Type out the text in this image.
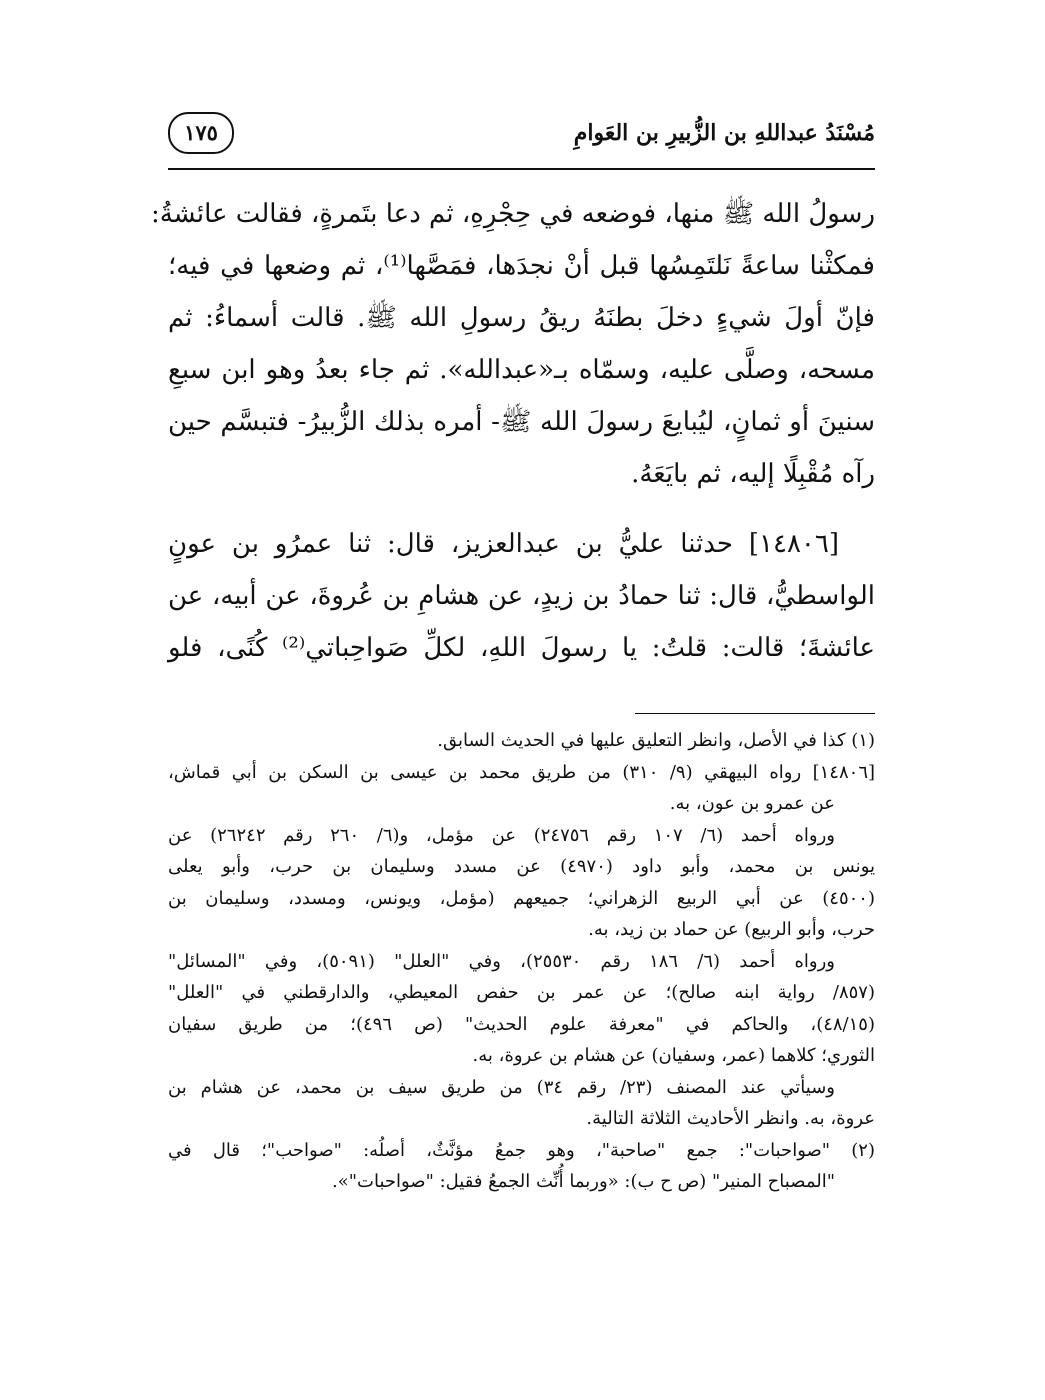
مُسْنَدُ عبداللهِ بن الزُّبيرِ بن العَوامِ
١٧٥

رسولُ الله ﷺ منها، فوضعه في حِجْرِهِ، ثم دعا بتَمرةٍ، فقالت عائشةُ:
فمكثْنا ساعةً نَلتَمِسُها قبل أنْ نجدَها، فمَصَّها⁽¹⁾، ثم وضعها في فيه؛
فإنّ أولَ شيءٍ دخلَ بطنَهُ ريقُ رسولِ الله ﷺ. قالت أسماءُ: ثم
مسحه، وصلَّى عليه، وسمّاه بـ«عبدالله». ثم جاء بعدُ وهو ابن سبعِ
سنينَ أو ثمانٍ، ليُبايعَ رسولَ الله ﷺ- أمره بذلك الزُّبيرُ- فتبسَّم حين
رآه مُقْبِلًا إليه، ثم بايَعَهُ.

[١٤٨٠٦] حدثنا عليُّ بن عبدالعزيز، قال: ثنا عمرُو بن عونٍ
الواسطيُّ، قال: ثنا حمادُ بن زيدٍ، عن هشامِ بن عُروةَ، عن أبيه، عن
عائشةَ؛ قالت: قلتُ: يا رسولَ اللهِ، لكلِّ صَواحِباتي⁽²⁾ كُنًى، فلو

(١) كذا في الأصل، وانظر التعليق عليها في الحديث السابق.
[١٤٨٠٦] رواه البيهقي (٩/ ٣١٠) من طريق محمد بن عيسى بن السكن بن أبي قماش،
عن عمرو بن عون، به.
ورواه أحمد (٦/ ١٠٧ رقم ٢٤٧٥٦) عن مؤمل، و(٦/ ٢٦٠ رقم ٢٦٢٤٢) عن
يونس بن محمد، وأبو داود (٤٩٧٠) عن مسدد وسليمان بن حرب، وأبو يعلى
(٤٥٠٠) عن أبي الربيع الزهراني؛ جميعهم (مؤمل، ويونس، ومسدد، وسليمان بن
حرب، وأبو الربيع) عن حماد بن زيد، به.
ورواه أحمد (٦/ ١٨٦ رقم ٢٥٥٣٠)، وفي "العلل" (٥٠٩١)، وفي "المسائل"
(٨٥٧/ رواية ابنه صالح)؛ عن عمر بن حفص المعيطي، والدارقطني في "العلل"
(٤٨/١٥)، والحاكم في "معرفة علوم الحديث" (ص ٤٩٦)؛ من طريق سفيان
الثوري؛ كلاهما (عمر، وسفيان) عن هشام بن عروة، به.
وسيأتي عند المصنف (٢٣/ رقم ٣٤) من طريق سيف بن محمد، عن هشام بن
عروة، به. وانظر الأحاديث الثلاثة التالية.
(٢) "صواحبات": جمع "صاحبة"، وهو جمعُ مؤنَّثٌ، أصلُه: "صواحب"؛ قال في
"المصباح المنير" (ص ح ب): «وربما أُنِّث الجمعُ فقيل: "صواحبات"».
